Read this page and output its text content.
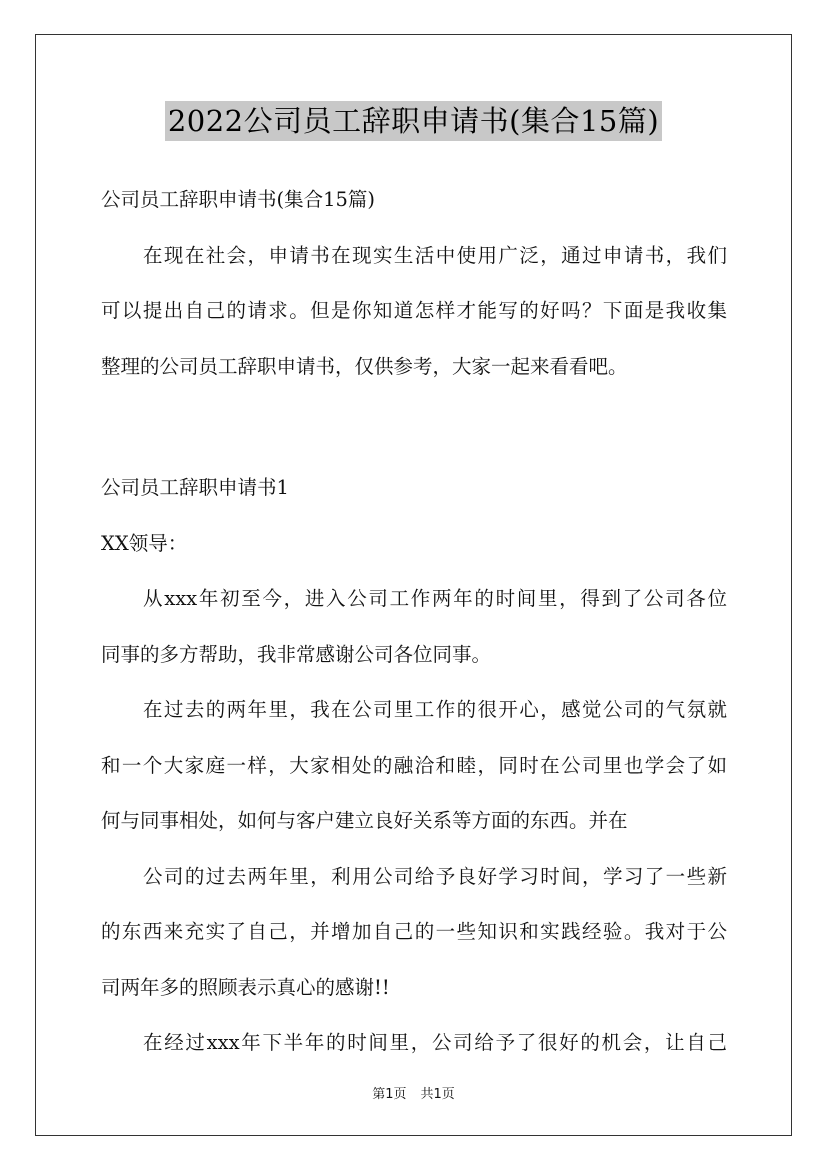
2022公司员工辞职申请书(集合15篇)

公司员工辞职申请书(集合15篇)

在现在社会，申请书在现实生活中使用广泛，通过申请书，我们

可以提出自己的请求。但是你知道怎样才能写的好吗？下面是我收集

整理的公司员工辞职申请书，仅供参考，大家一起来看看吧。

公司员工辞职申请书1

XX领导：

从xxx年初至今，进入公司工作两年的时间里，得到了公司各位

同事的多方帮助，我非常感谢公司各位同事。

在过去的两年里，我在公司里工作的很开心，感觉公司的气氛就

和一个大家庭一样，大家相处的融洽和睦，同时在公司里也学会了如

何与同事相处，如何与客户建立良好关系等方面的东西。并在

公司的过去两年里，利用公司给予良好学习时间，学习了一些新

的东西来充实了自己，并增加自己的一些知识和实践经验。我对于公

司两年多的照顾表示真心的感谢!!

在经过xxx年下半年的时间里，公司给予了很好的机会，让自己

第1页 共1页
